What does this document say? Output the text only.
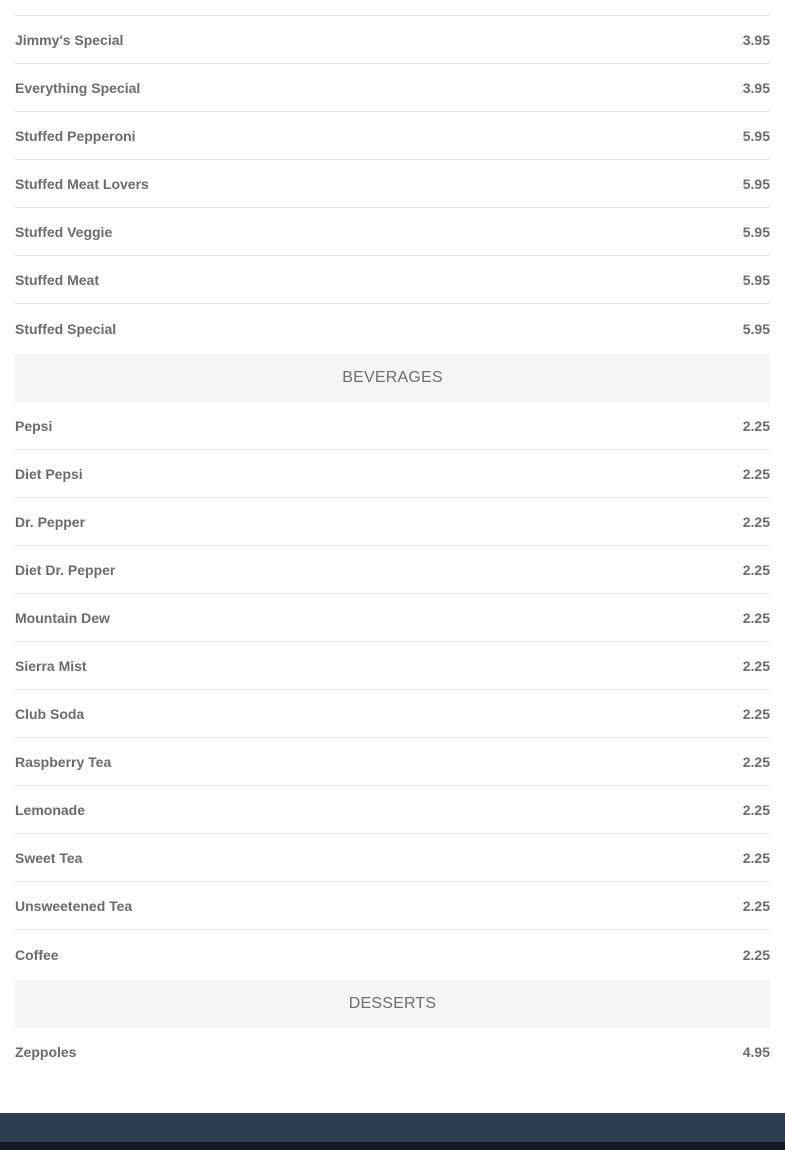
Jimmy's Special	3.95
Everything Special	3.95
Stuffed Pepperoni	5.95
Stuffed Meat Lovers	5.95
Stuffed Veggie	5.95
Stuffed Meat	5.95
Stuffed Special	5.95
BEVERAGES
Pepsi	2.25
Diet Pepsi	2.25
Dr. Pepper	2.25
Diet Dr. Pepper	2.25
Mountain Dew	2.25
Sierra Mist	2.25
Club Soda	2.25
Raspberry Tea	2.25
Lemonade	2.25
Sweet Tea	2.25
Unsweetened Tea	2.25
Coffee	2.25
DESSERTS
Zeppoles	4.95
